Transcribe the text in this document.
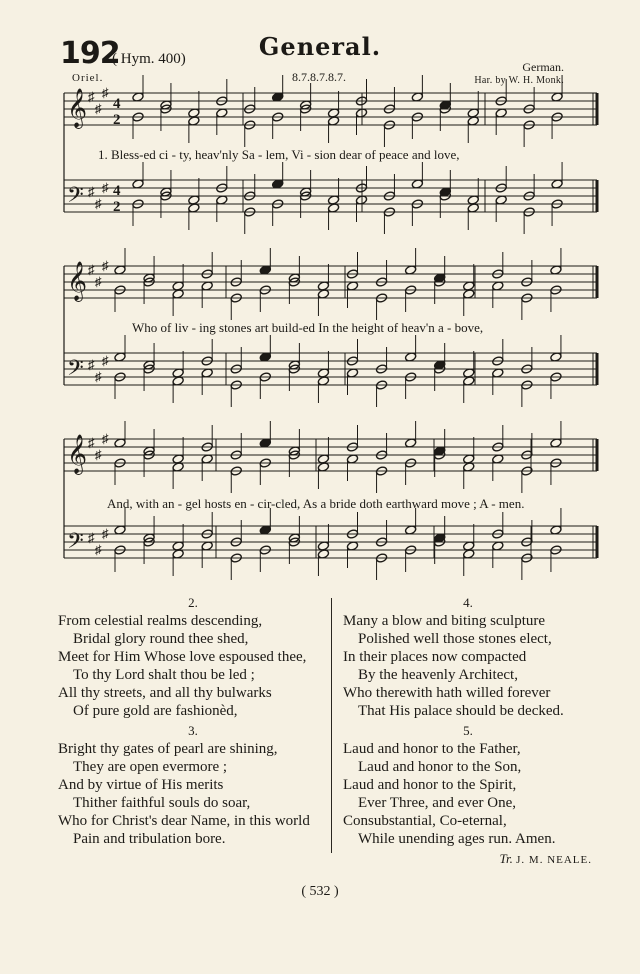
192
( Hym. 400)	General.
Oriel.	8.7.8.7.8.7.
German.
Har. by W. H. Monk.
𝄞 ♯
♯
♯
4
2
𝄢 ♯
♯
♯ 4
2
𝄞 ♯
♯
♯
𝄢 ♯
♯
♯
𝄞 ♯
♯
♯
𝄢 ♯
♯
♯
1. Bless-ed ci - ty, heav'nly Sa - lem, Vi - sion dear of peace and love,
Who of liv - ing stones art build-ed In the height of heav'n a - bove,
And, with an - gel hosts en - cir-cled, As a bride doth earthward move ; A - men.
2.
From celestial realms descending,
Bridal glory round thee shed,
Meet for Him Whose love espoused thee,
To thy Lord shalt thou be led ;
All thy streets, and all thy bulwarks
Of pure gold are fashionèd,
3.
Bright thy gates of pearl are shining,
They are open evermore ;
And by virtue of His merits
Thither faithful souls do soar,
Who for Christ's dear Name, in this world
Pain and tribulation bore.
4.
Many a blow and biting sculpture
Polished well those stones elect,
In their places now compacted
By the heavenly Architect,
Who therewith hath willed forever
That His palace should be decked.
5.
Laud and honor to the Father,
Laud and honor to the Son,
Laud and honor to the Spirit,
Ever Three, and ever One,
Consubstantial, Co-eternal,
While unending ages run. Amen.
Tr. J. M. NEALE.
( 532 )
